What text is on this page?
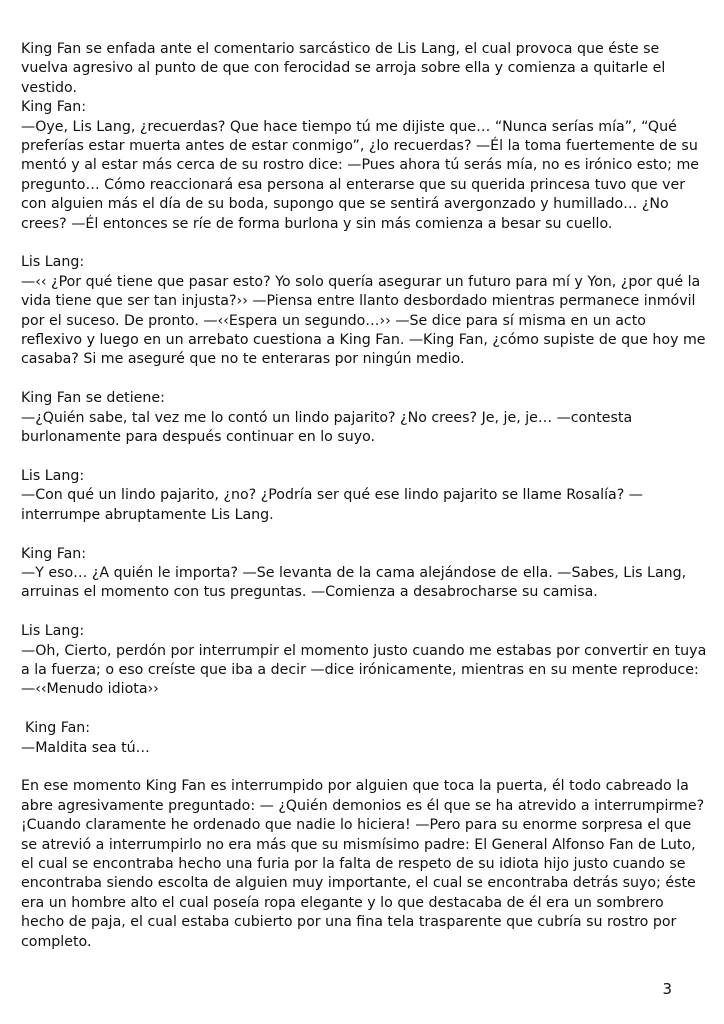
King Fan se enfada ante el comentario sarcástico de Lis Lang, el cual provoca que éste se vuelva agresivo al punto de que con ferocidad se arroja sobre ella y comienza a quitarle el vestido.

King Fan:

—Oye, Lis Lang, ¿recuerdas? Que hace tiempo tú me dijiste que… “Nunca serías mía”, “Qué preferías estar muerta antes de estar conmigo”, ¿lo recuerdas? —Él la toma fuertemente de su mentó y al estar más cerca de su rostro dice: —Pues ahora tú serás mía, no es irónico esto; me pregunto… Cómo reaccionará esa persona al enterarse que su querida princesa tuvo que ver con alguien más el día de su boda, supongo que se sentirá avergonzado y humillado… ¿No crees? —Él entonces se ríe de forma burlona y sin más comienza a besar su cuello.

Lis Lang:

—‹‹ ¿Por qué tiene que pasar esto? Yo solo quería asegurar un futuro para mí y Yon, ¿por qué la vida tiene que ser tan injusta?›› —Piensa entre llanto desbordado mientras permanece inmóvil por el suceso. De pronto. —‹‹Espera un segundo…›› —Se dice para sí misma en un acto reflexivo y luego en un arrebato cuestiona a King Fan. —King Fan, ¿cómo supiste de que hoy me casaba? Si me aseguré que no te enteraras por ningún medio.

King Fan se detiene:

—¿Quién sabe, tal vez me lo contó un lindo pajarito? ¿No crees? Je, je, je… —contesta burlonamente para después continuar en lo suyo.

Lis Lang:

—Con qué un lindo pajarito, ¿no? ¿Podría ser qué ese lindo pajarito se llame Rosalía? —interrumpe abruptamente Lis Lang.

King Fan:

—Y eso… ¿A quién le importa? —Se levanta de la cama alejándose de ella. —Sabes, Lis Lang, arruinas el momento con tus preguntas. —Comienza a desabrocharse su camisa.

Lis Lang:

—Oh, Cierto, perdón por interrumpir el momento justo cuando me estabas por convertir en tuya a la fuerza; o eso creíste que iba a decir —dice irónicamente, mientras en su mente reproduce: —‹‹Menudo idiota››

King Fan:

—Maldita sea tú…

En ese momento King Fan es interrumpido por alguien que toca la puerta, él todo cabreado la abre agresivamente preguntado: — ¿Quién demonios es él que se ha atrevido a interrumpirme? ¡Cuando claramente he ordenado que nadie lo hiciera! —Pero para su enorme sorpresa el que se atrevió a interrumpirlo no era más que su mismísimo padre: El General Alfonso Fan de Luto, el cual se encontraba hecho una furia por la falta de respeto de su idiota hijo justo cuando se encontraba siendo escolta de alguien muy importante, el cual se encontraba detrás suyo; éste era un hombre alto el cual poseía ropa elegante y lo que destacaba de él era un sombrero hecho de paja, el cual estaba cubierto por una fina tela trasparente que cubría su rostro por completo.

3
